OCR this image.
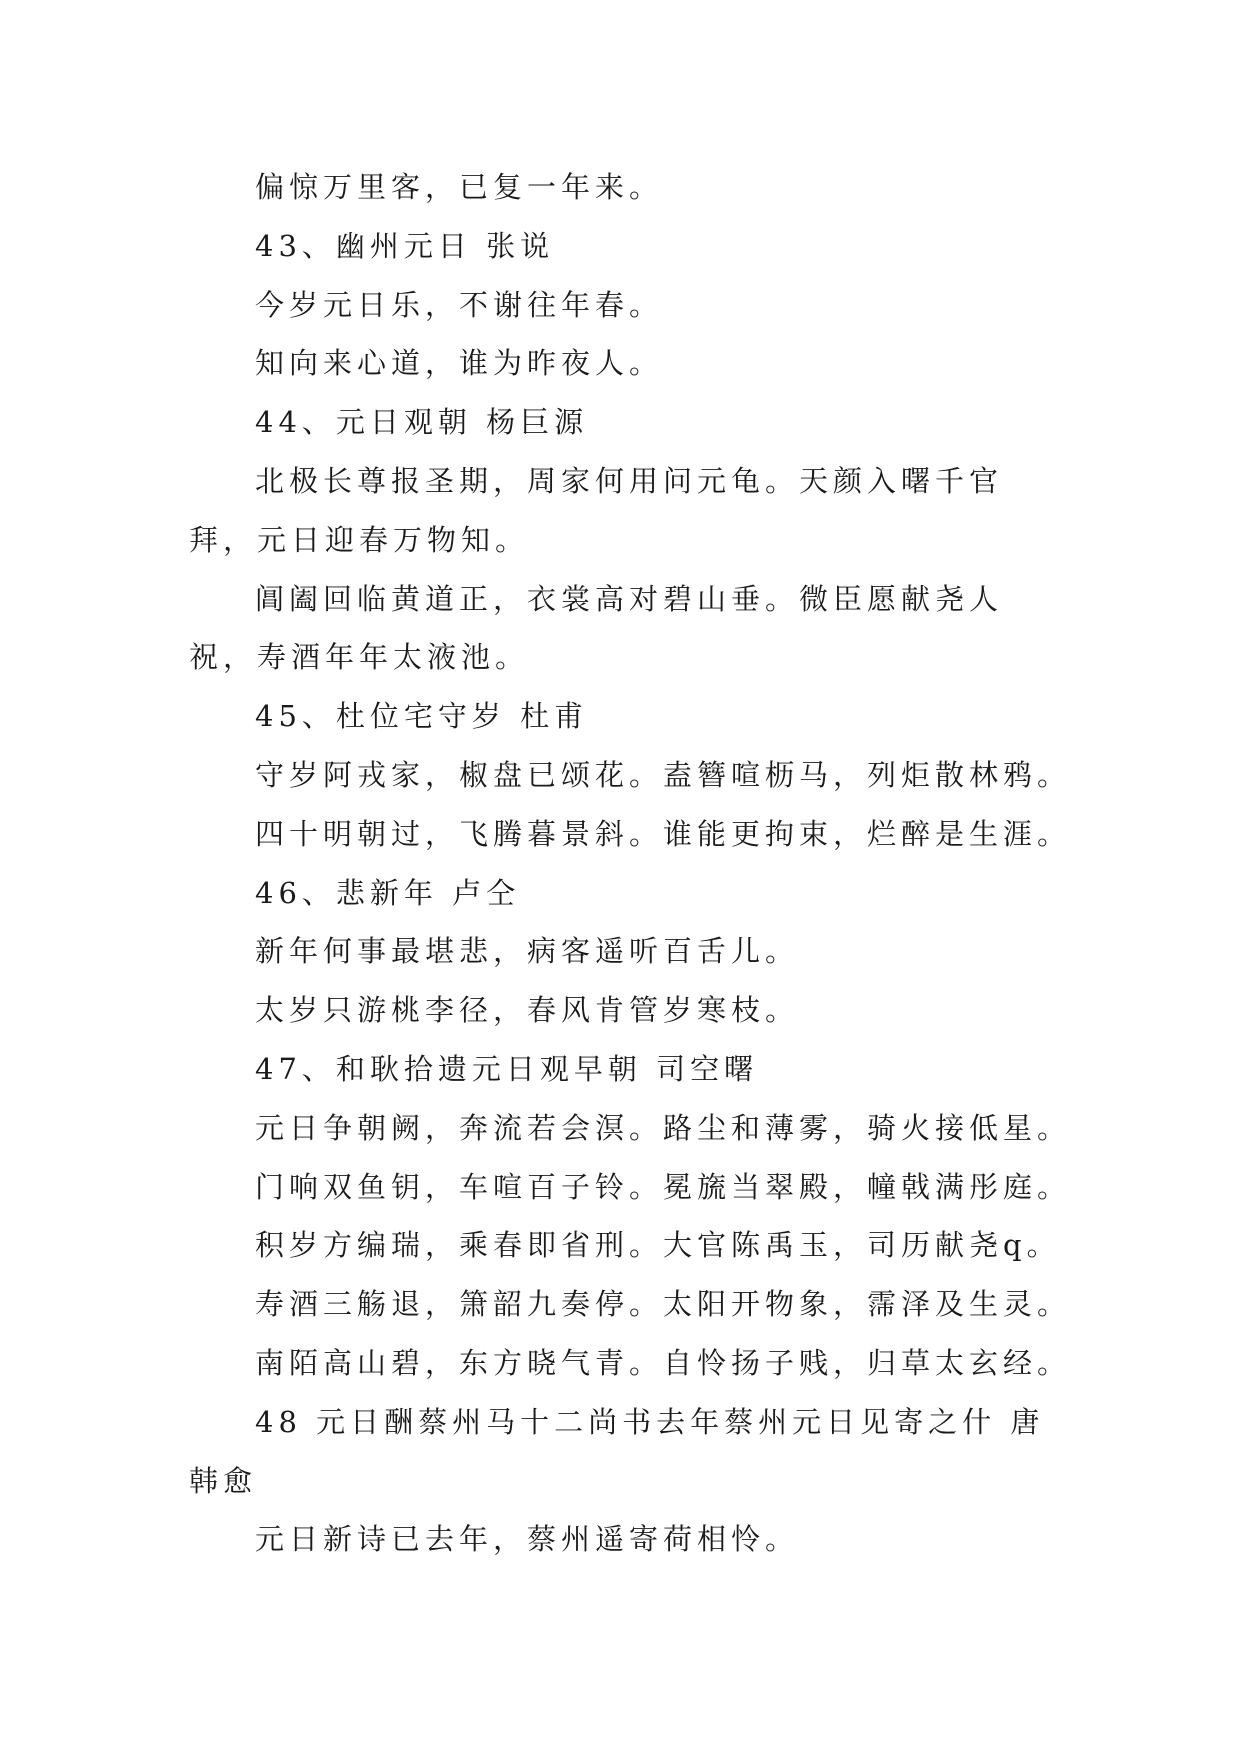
偏惊万里客，已复一年来。
43、幽州元日 张说
今岁元日乐，不谢往年春。
知向来心道，谁为昨夜人。
44、元日观朝 杨巨源
北极长尊报圣期，周家何用问元龟。天颜入曙千官拜，元日迎春万物知。
阊阖回临黄道正，衣裳高对碧山垂。微臣愿献尧人祝，寿酒年年太液池。
45、杜位宅守岁 杜甫
守岁阿戎家，椒盘已颂花。盍簪喧枥马，列炬散林鸦。
四十明朝过，飞腾暮景斜。谁能更拘束，烂醉是生涯。
46、悲新年 卢仝
新年何事最堪悲，病客遥听百舌儿。
太岁只游桃李径，春风肯管岁寒枝。
47、和耿拾遗元日观早朝 司空曙
元日争朝阙，奔流若会溟。路尘和薄雾，骑火接低星。
门响双鱼钥，车喧百子铃。冕旒当翠殿，幢戟满彤庭。
积岁方编瑞，乘春即省刑。大官陈禹玉，司历献尧q。
寿酒三觞退，箫韶九奏停。太阳开物象，霈泽及生灵。
南陌高山碧，东方晓气青。自怜扬子贱，归草太玄经。
48 元日酬蔡州马十二尚书去年蔡州元日见寄之什 唐韩愈
元日新诗已去年，蔡州遥寄荷相怜。
